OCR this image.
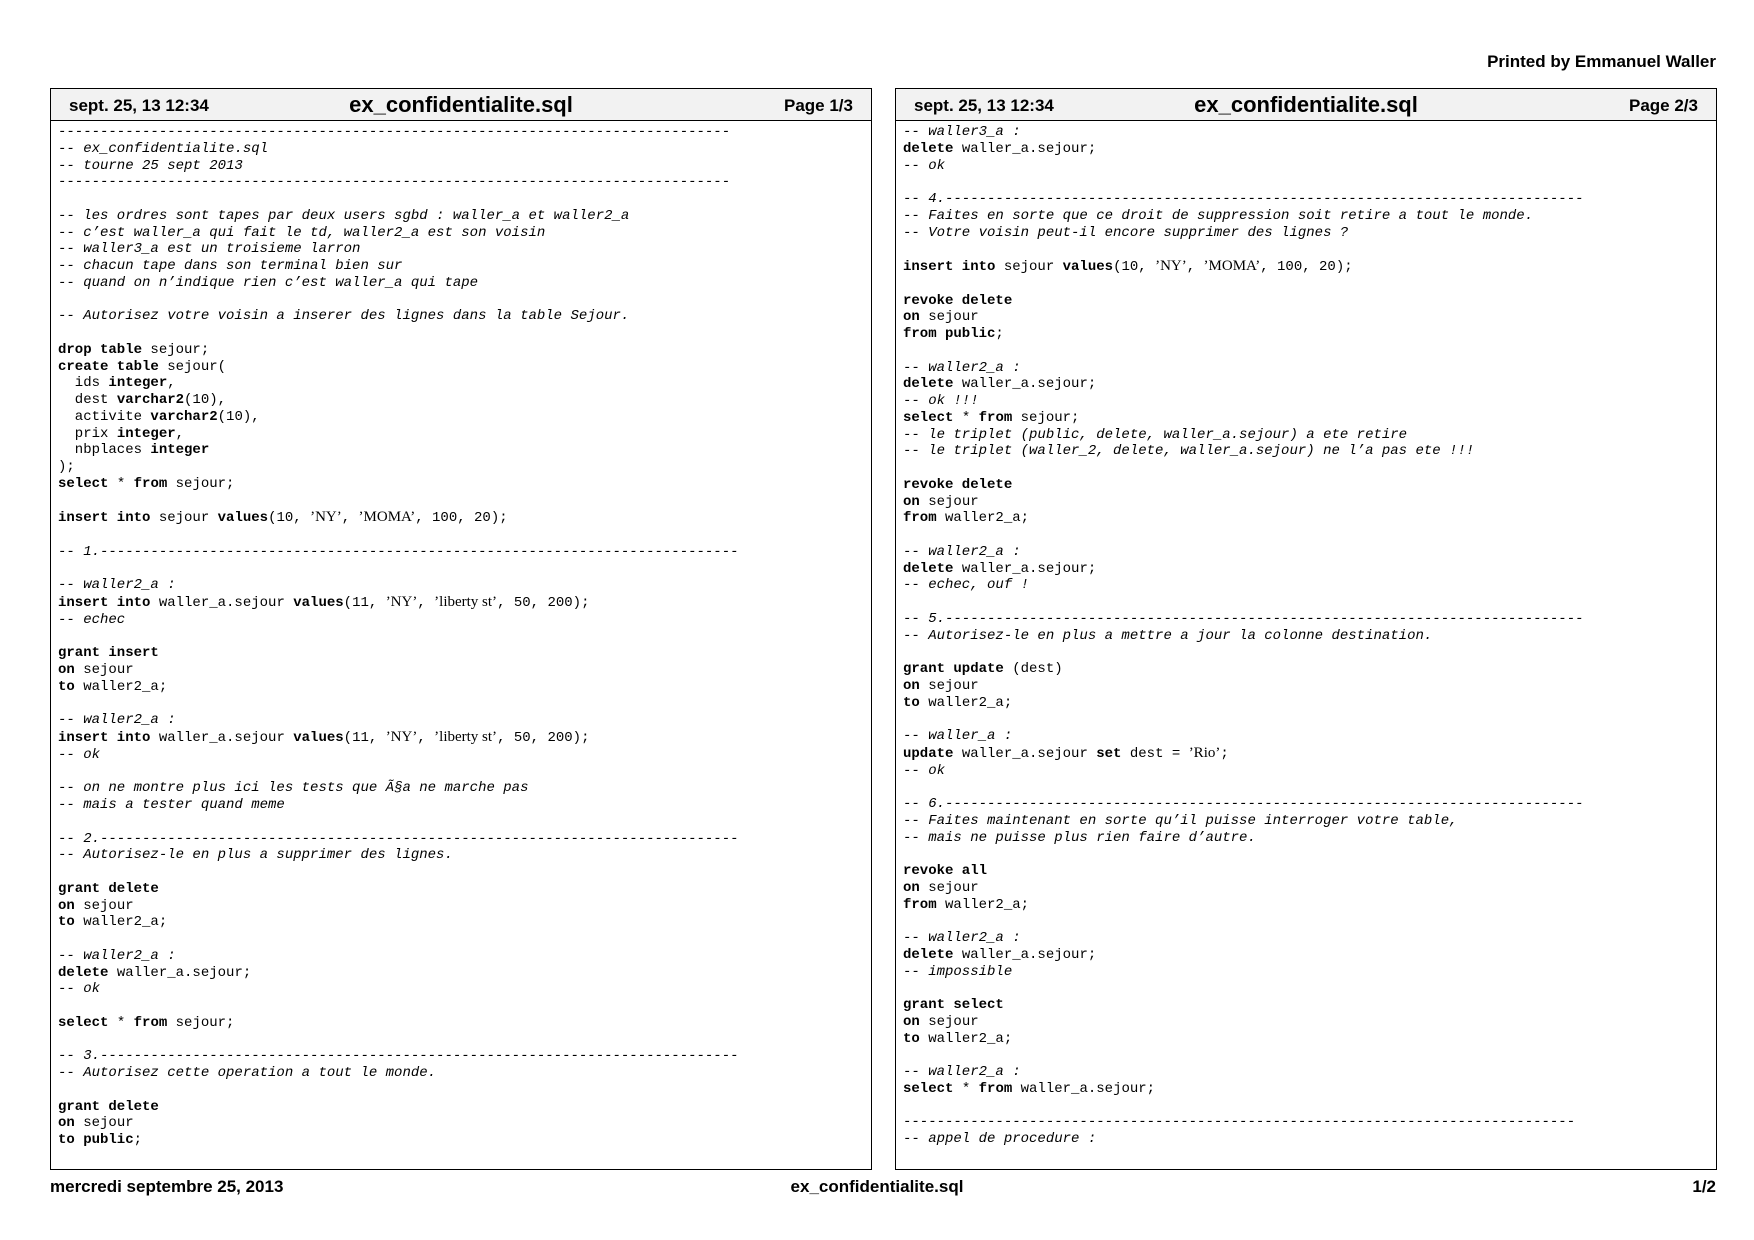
Printed by Emmanuel Waller
sept. 25, 13 12:34	ex_confidentialite.sql	Page 1/3
--------------------------------------------------------------------------------
-- ex_confidentialite.sql
-- tourne 25 sept 2013
--------------------------------------------------------------------------------

-- les ordres sont tapes par deux users sgbd : waller_a et waller2_a
-- c’est waller_a qui fait le td, waller2_a est son voisin
-- waller3_a est un troisieme larron
-- chacun tape dans son terminal bien sur
-- quand on n’indique rien c’est waller_a qui tape

-- Autorisez votre voisin a inserer des lignes dans la table Sejour.

drop table sejour;
create table sejour(
ids integer,
dest varchar2(10),
activite varchar2(10),
prix integer,
nbplaces integer
);
select * from sejour;

insert into sejour values(10, ’NY’, ’MOMA’, 100, 20);

-- 1.----------------------------------------------------------------------------

-- waller2_a :
insert into waller_a.sejour values(11, ’NY’, ’liberty st’, 50, 200);
-- echec

grant insert
on sejour
to waller2_a;

-- waller2_a :
insert into waller_a.sejour values(11, ’NY’, ’liberty st’, 50, 200);
-- ok

-- on ne montre plus ici les tests que Ã§a ne marche pas
-- mais a tester quand meme

-- 2.----------------------------------------------------------------------------
-- Autorisez-le en plus a supprimer des lignes.

grant delete
on sejour
to waller2_a;

-- waller2_a :
delete waller_a.sejour;
-- ok

select * from sejour;

-- 3.----------------------------------------------------------------------------
-- Autorisez cette operation a tout le monde.

grant delete
on sejour
to public;
sept. 25, 13 12:34	ex_confidentialite.sql	Page 2/3
-- waller3_a :
delete waller_a.sejour;
-- ok

-- 4.----------------------------------------------------------------------------
-- Faites en sorte que ce droit de suppression soit retire a tout le monde.
-- Votre voisin peut-il encore supprimer des lignes ?

insert into sejour values(10, ’NY’, ’MOMA’, 100, 20);

revoke delete
on sejour
from public;

-- waller2_a :
delete waller_a.sejour;
-- ok !!!
select * from sejour;
-- le triplet (public, delete, waller_a.sejour) a ete retire
-- le triplet (waller_2, delete, waller_a.sejour) ne l’a pas ete !!!

revoke delete
on sejour
from waller2_a;

-- waller2_a :
delete waller_a.sejour;
-- echec, ouf !

-- 5.----------------------------------------------------------------------------
-- Autorisez-le en plus a mettre a jour la colonne destination.

grant update (dest)
on sejour
to waller2_a;

-- waller_a :
update waller_a.sejour set dest = ’Rio’;
-- ok

-- 6.----------------------------------------------------------------------------
-- Faites maintenant en sorte qu’il puisse interroger votre table,
-- mais ne puisse plus rien faire d’autre.

revoke all
on sejour
from waller2_a;

-- waller2_a :
delete waller_a.sejour;
-- impossible

grant select
on sejour
to waller2_a;

-- waller2_a :
select * from waller_a.sejour;

--------------------------------------------------------------------------------
-- appel de procedure :
mercredi septembre 25, 2013	ex_confidentialite.sql	1/2
